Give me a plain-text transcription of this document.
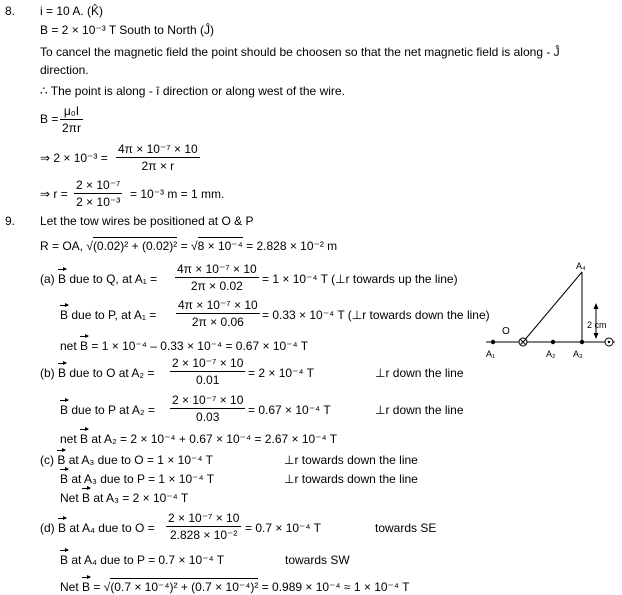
8. i = 10 A. (K̂)
B = 2 × 10⁻³ T South to North (Ĵ)
To cancel the magnetic field the point should be choosen so that the net magnetic field is along - Ĵ
direction.
∴ The point is along - î direction or along west of the wire.
$B = \frac{\text{μ₀I}}{2\pi r}$
⇒ $2 \times 10^{-3} = \frac{\text{4π × 10⁻⁷ × 10}}{2\pi \times r}$
⇒ $r = \frac{\text{2 × 10⁻⁷}}{\text{2 × 10⁻³}} = 10^{-3}$ m = 1 mm.
9. Let the tow wires be positioned at O & P
R = OA, √(0.02)² + (0.02)² = √8 × 10⁻⁴ = 2.828 × 10⁻² m
(a) B due to Q, at $A_1 = \frac{\text{4π × 10⁻⁷ × 10}}{2\pi \times 0.02} = 1 \times 10^{-4}$ T (⊥r towards up the line)
B due to P, at $A_1 = \frac{\text{4π × 10⁻⁷ × 10}}{2\pi \times 0.06} = 0.33 \times 10^{-4}$ T (⊥r towards down the line)
net B = 1 × 10⁻⁴ – 0.33 × 10⁻⁴ = 0.67 × 10⁻⁴ T
(b) B due to O at $A_2 = \frac{\text{2 × 10⁻⁷ × 10}}{0.01} = 2 \times 10^{-4}$ T	⊥r down the line
B due to P at $A_2 = \frac{\text{2 × 10⁻⁷ × 10}}{0.03} = 0.67 \times 10^{-4}$ T	⊥r down the line
net B at A₂ = 2 × 10⁻⁴ + 0.67 × 10⁻⁴ = 2.67 × 10⁻⁴ T
(c) B at A₃ due to O = 1 × 10⁻⁴ T	⊥r towards down the line
B at A₃ due to P = 1 × 10⁻⁴ T	⊥r towards down the line
Net B at A₃ = 2 × 10⁻⁴ T
(d) B at A₄ due to $O = \frac{\text{2 × 10⁻⁷ × 10}}{\text{2.828 × 10⁻²}} = 0.7 \times 10^{-4}$ T	towards SE
B at A₄ due to P = 0.7 × 10⁻⁴ T	towards SW
Net B = √(0.7 × 10⁻⁴)² + (0.7 × 10⁻⁴)² = 0.989 × 10⁻⁴ ≈ 1 × 10⁻⁴ T
A₁
O
A₂ A₃
A₄
2 cm
